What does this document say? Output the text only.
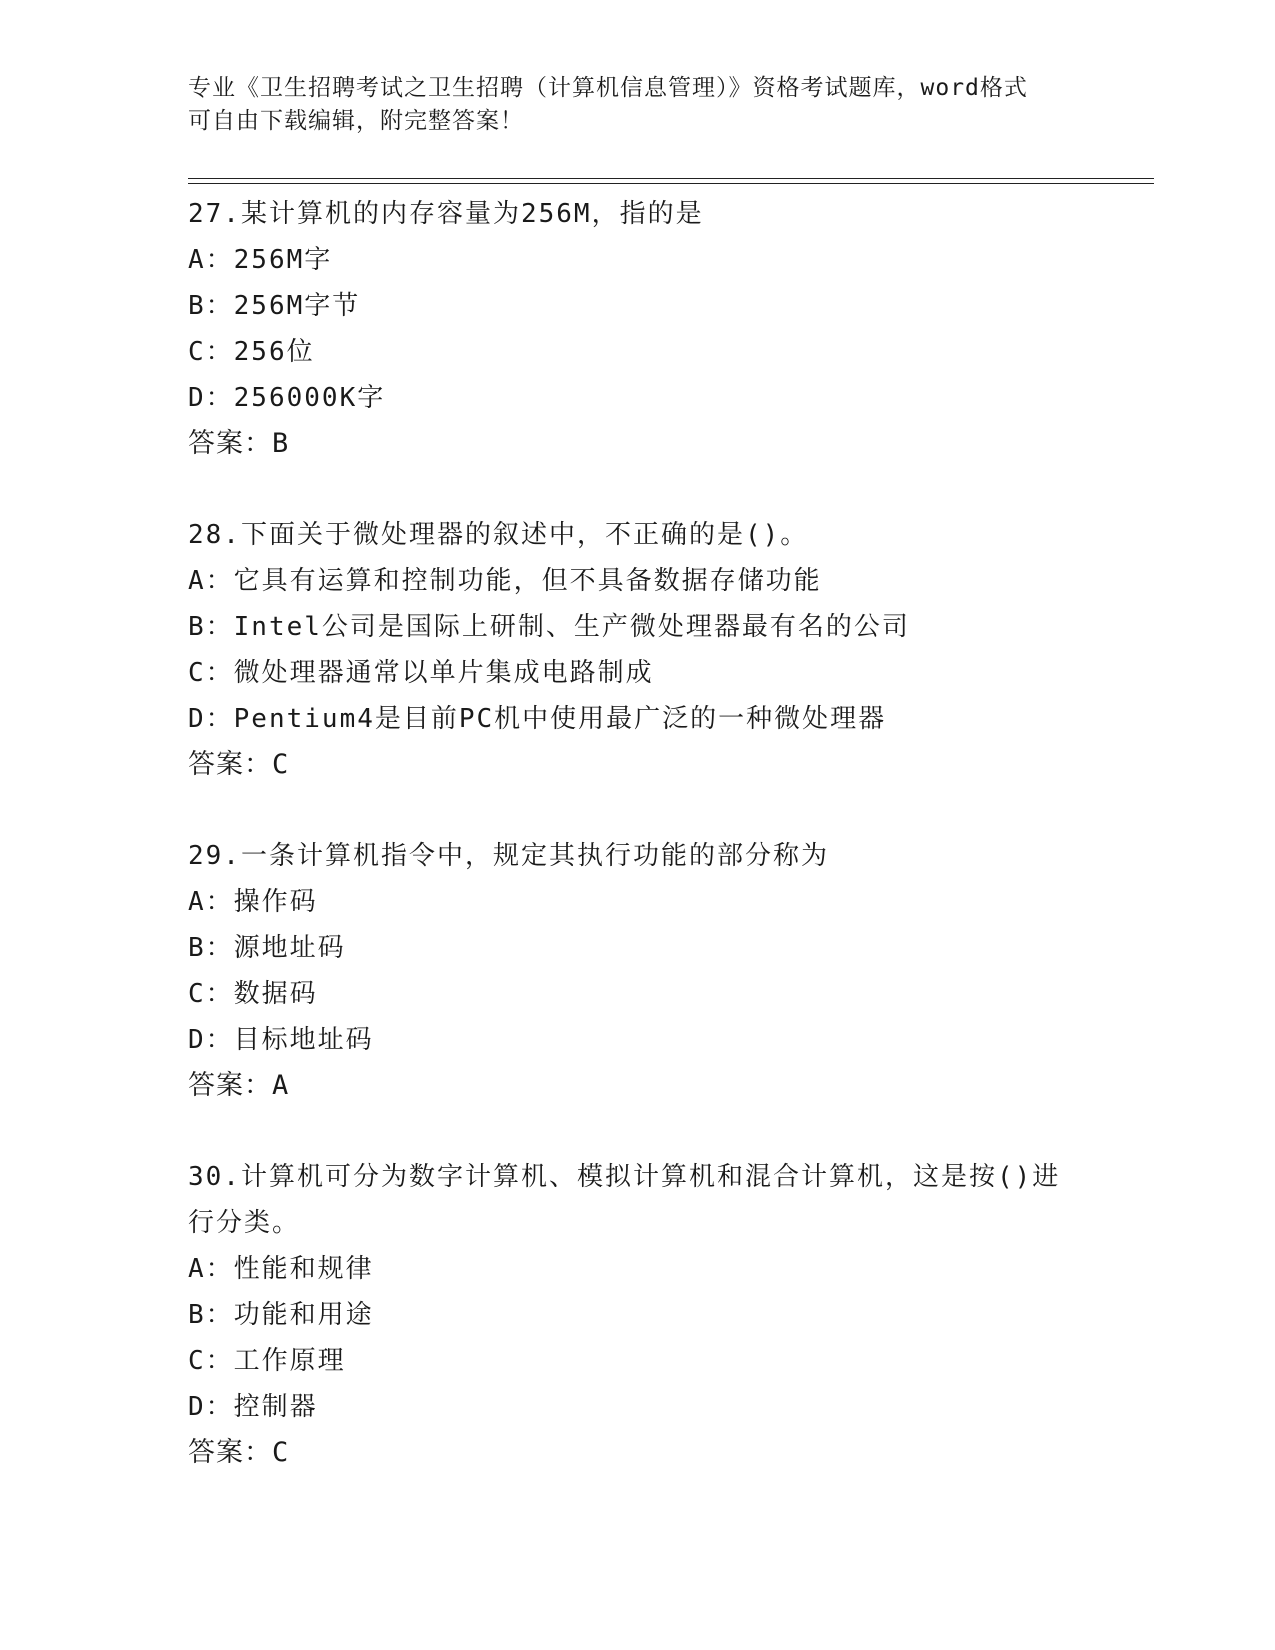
专业《卫生招聘考试之卫生招聘（计算机信息管理）》资格考试题库，word格式
可自由下载编辑，附完整答案！

27.某计算机的内存容量为256M，指的是

A：256M字

B：256M字节

C：256位

D：256000K字

答案：B

28.下面关于微处理器的叙述中，不正确的是()。

A：它具有运算和控制功能，但不具备数据存储功能

B：Intel公司是国际上研制、生产微处理器最有名的公司

C：微处理器通常以单片集成电路制成

D：Pentium4是目前PC机中使用最广泛的一种微处理器

答案：C

29.一条计算机指令中，规定其执行功能的部分称为

A：操作码

B：源地址码

C：数据码

D：目标地址码

答案：A

30.计算机可分为数字计算机、模拟计算机和混合计算机，这是按()进

行分类。

A：性能和规律

B：功能和用途

C：工作原理

D：控制器

答案：C
